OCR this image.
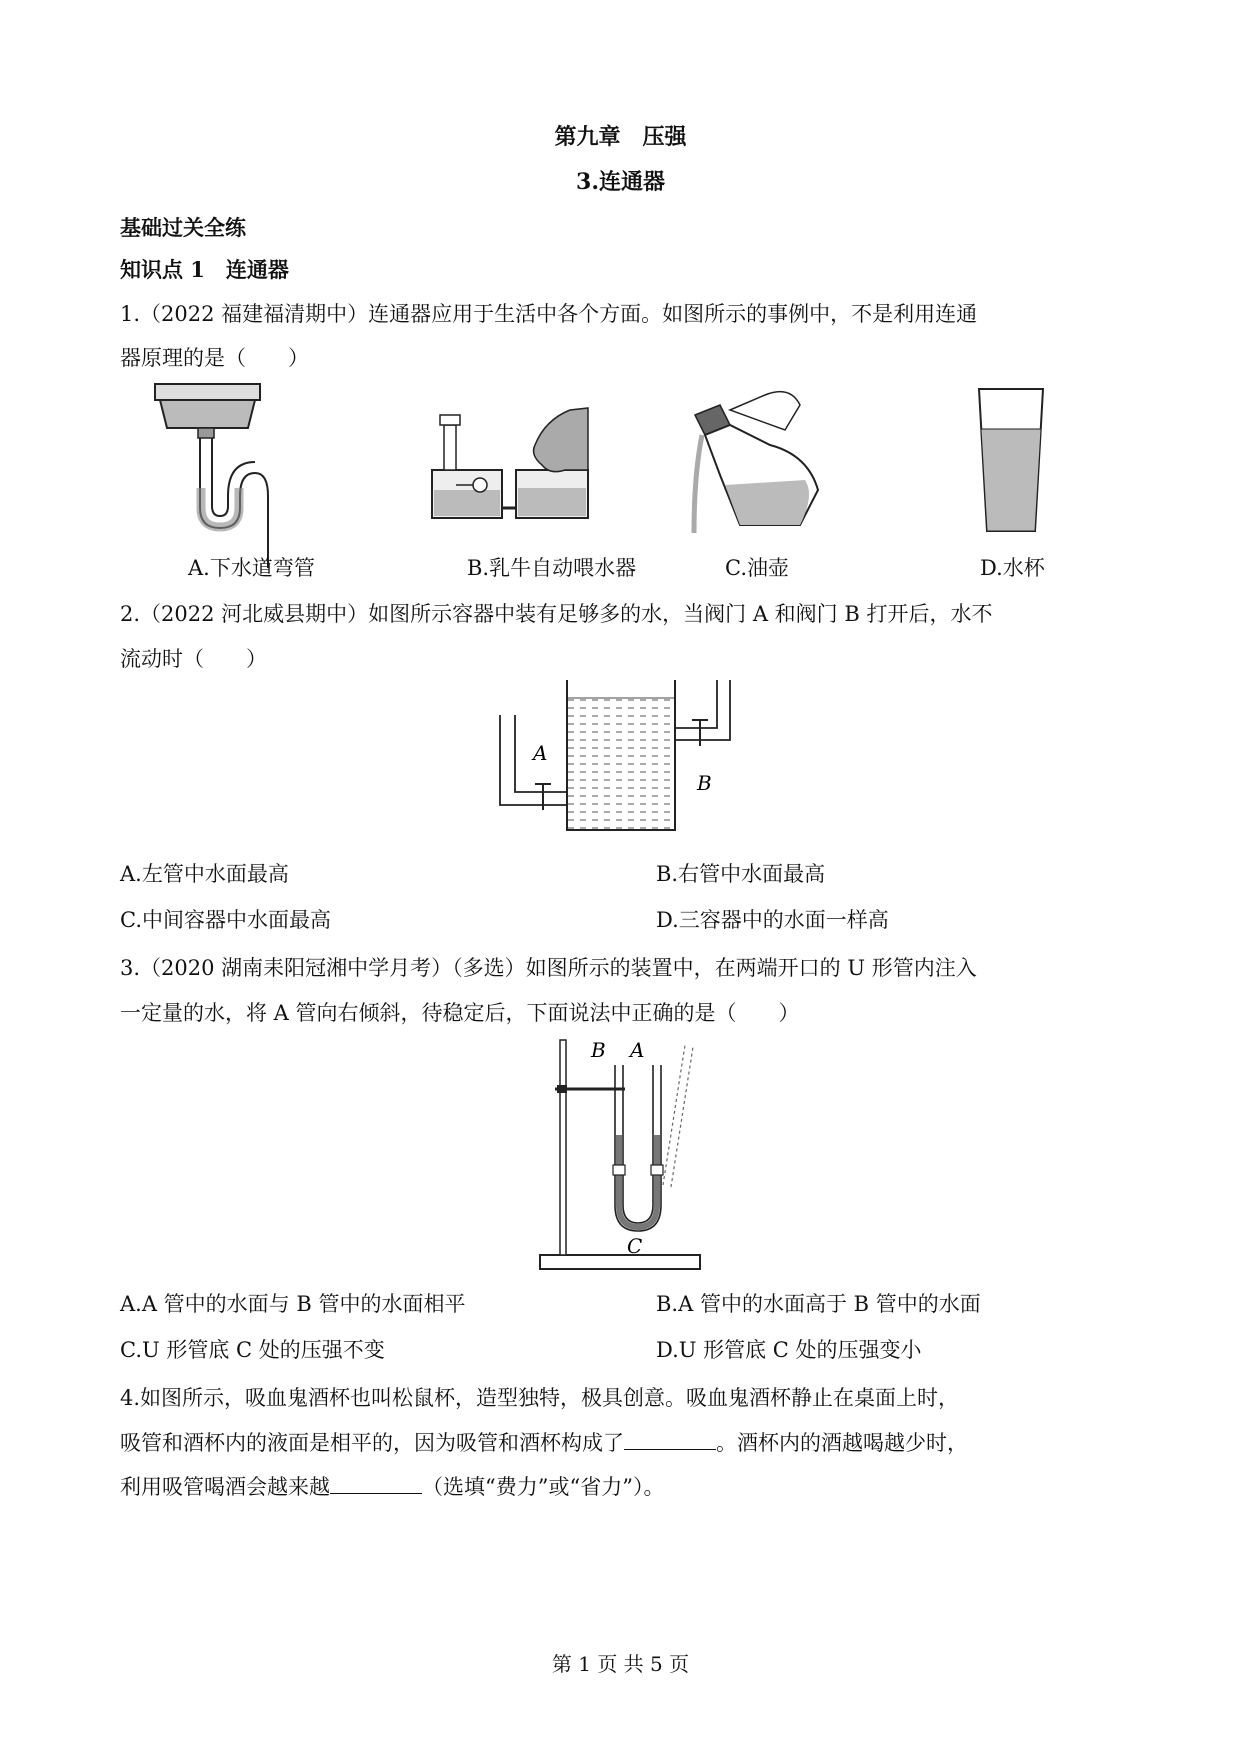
第九章　压强
3.连通器
基础过关全练
知识点 1　连通器
1.（2022 福建福清期中）连通器应用于生活中各个方面。如图所示的事例中，不是利用连通
器原理的是（　　）
A.下水道弯管	B.乳牛自动喂水器	C.油壶	D.水杯
2.（2022 河北威县期中）如图所示容器中装有足够多的水，当阀门 A 和阀门 B 打开后，水不
流动时（　　）
A
B
A.左管中水面最高	B.右管中水面最高
C.中间容器中水面最高	D.三容器中的水面一样高
3.（2020 湖南耒阳冠湘中学月考）（多选）如图所示的装置中，在两端开口的 U 形管内注入
一定量的水，将 A 管向右倾斜，待稳定后，下面说法中正确的是（　　）
B A
C
A.A 管中的水面与 B 管中的水面相平	B.A 管中的水面高于 B 管中的水面
C.U 形管底 C 处的压强不变	D.U 形管底 C 处的压强变小
4.如图所示，吸血鬼酒杯也叫松鼠杯，造型独特，极具创意。吸血鬼酒杯静止在桌面上时，
吸管和酒杯内的液面是相平的，因为吸管和酒杯构成了	。酒杯内的酒越喝越少时，
利用吸管喝酒会越来越	（选填“费力”或“省力”）。
第 1 页 共 5 页
